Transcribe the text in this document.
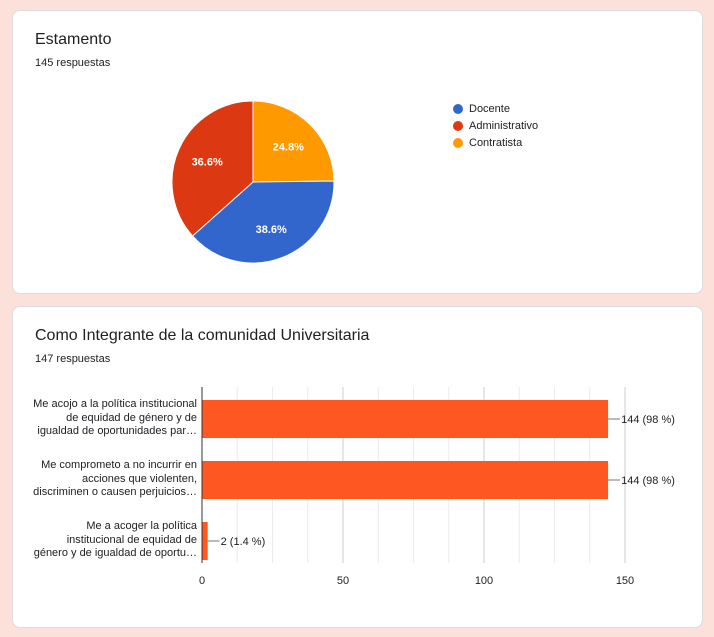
Estamento
145 respuestas
24.8%
38.6%
36.6%
Docente
Administrativo
Contratista
Como Integrante de la comunidad Universitaria
147 respuestas
144 (98 %)
144 (98 %)
2 (1.4 %)
0	50	100	150
Me acojo a la política institucional
de equidad de género y de
igualdad de oportunidades par…
Me comprometo a no incurrir en
acciones que violenten,
discriminen o causen perjuicios…
Me a acoger la política
institucional de equidad de
género y de igualdad de oportu…
